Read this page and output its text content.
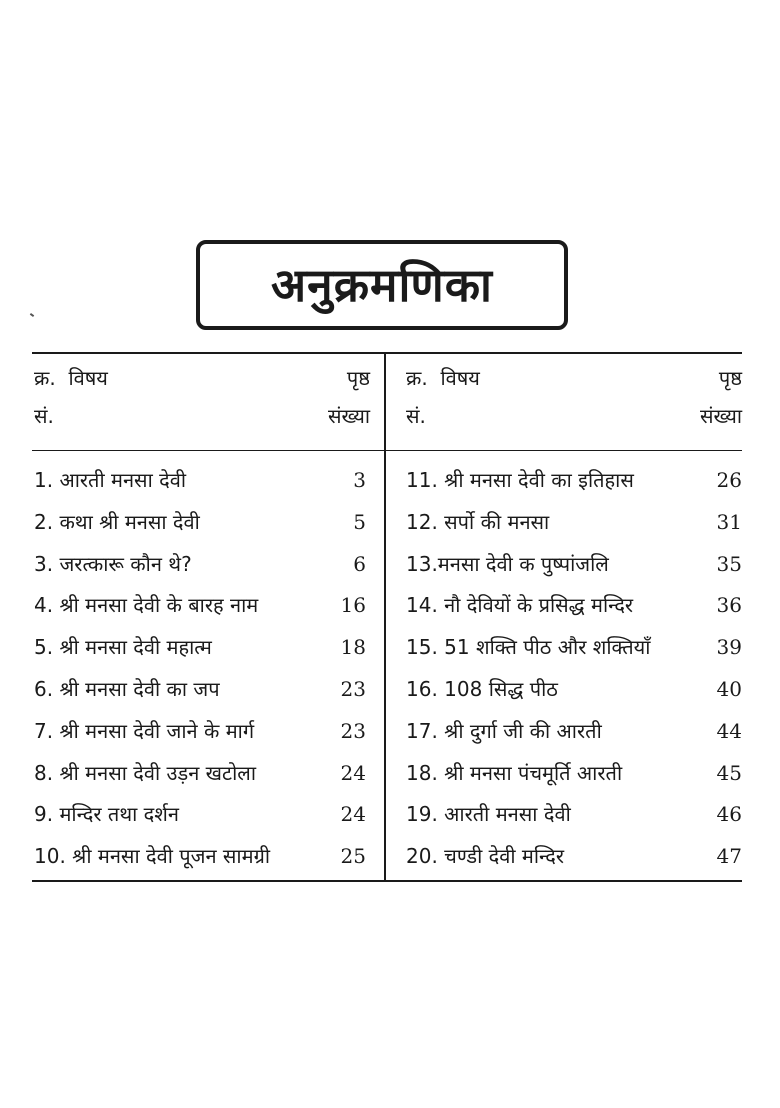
अनुक्रमणिका
क्र. विषय	पृष्ठ
सं.	संख्या
1. आरती मनसा देवी	3
2. कथा श्री मनसा देवी	5
3. जरत्कारू कौन थे?	6
4. श्री मनसा देवी के बारह नाम	16
5. श्री मनसा देवी महात्म	18
6. श्री मनसा देवी का जप	23
7. श्री मनसा देवी जाने के मार्ग	23
8. श्री मनसा देवी उड़न खटोला	24
9. मन्दिर तथा दर्शन	24
10. श्री मनसा देवी पूजन सामग्री	25
क्र. विषय	पृष्ठ
सं.	संख्या
11. श्री मनसा देवी का इतिहास	26
12. सर्पो की मनसा	31
13.मनसा देवी क पुष्पांजलि	35
14. नौ देवियों के प्रसिद्ध मन्दिर	36
15. 51 शक्ति पीठ और शक्तियाँ	39
16. 108 सिद्ध पीठ	40
17. श्री दुर्गा जी की आरती	44
18. श्री मनसा पंचमूर्ति आरती	45
19. आरती मनसा देवी	46
20. चण्डी देवी मन्दिर	47
